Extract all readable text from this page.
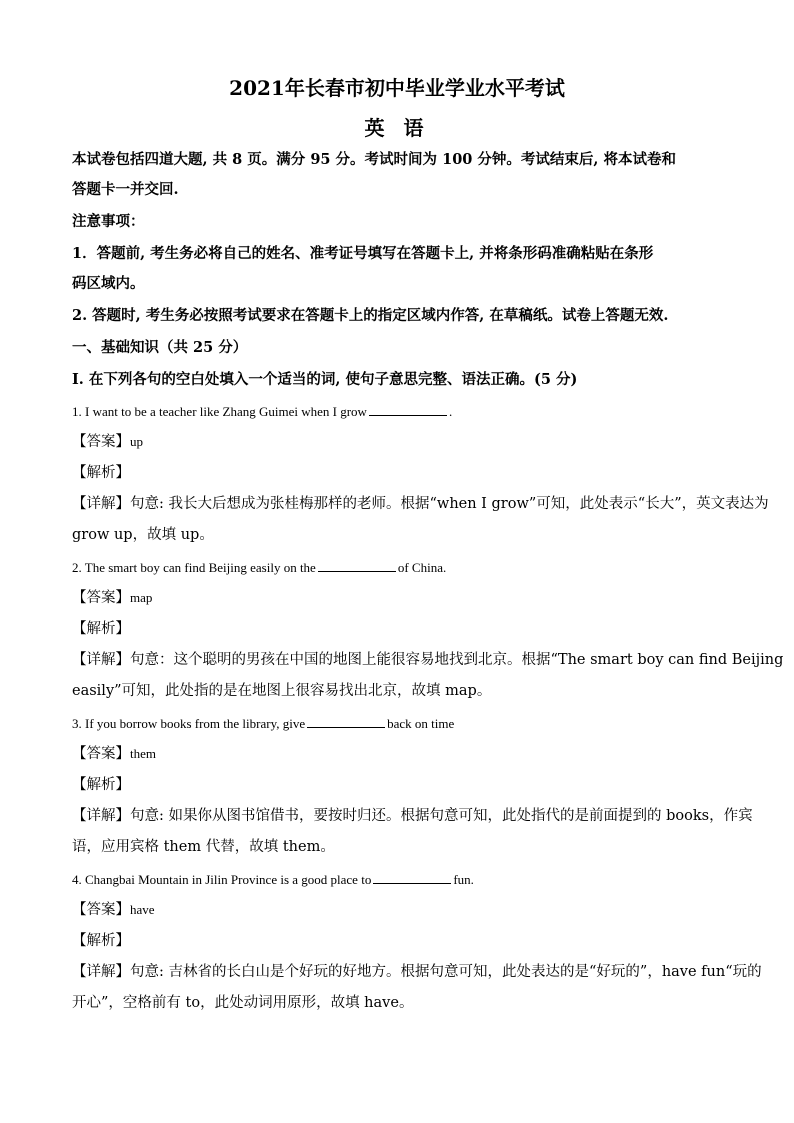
2021年长春市初中毕业学业水平考试
英 语
本试卷包括四道大题, 共 8 页。满分 95 分。考试时间为 100 分钟。考试结束后, 将本试卷和
答题卡一并交回.
注意事项：
1．答题前, 考生务必将自己的姓名、准考证号填写在答题卡上, 并将条形码准确粘贴在条形
码区域内。
2. 答题时, 考生务必按照考试要求在答题卡上的指定区域内作答, 在草稿纸。试卷上答题无效.
一、基础知识（共 25 分）
I. 在下列各句的空白处填入一个适当的词, 使句子意思完整、语法正确。(5 分)
1. I want to be a teacher like Zhang Guimei when I grow	.
【答案】up
【解析】
【详解】句意: 我长大后想成为张桂梅那样的老师。根据“when I grow”可知，此处表示“长大”，英文表达为
grow up，故填 up。
2. The smart boy can find Beijing easily on the	of China.
【答案】map
【解析】
【详解】句意：这个聪明的男孩在中国的地图上能很容易地找到北京。根据“The smart boy can find Beijing
easily”可知，此处指的是在地图上很容易找出北京，故填 map。
3. If you borrow books from the library, give	back on time
【答案】them
【解析】
【详解】句意: 如果你从图书馆借书，要按时归还。根据句意可知，此处指代的是前面提到的 books，作宾
语，应用宾格 them 代替，故填 them。
4. Changbai Mountain in Jilin Province is a good place to	fun.
【答案】have
【解析】
【详解】句意: 吉林省的长白山是个好玩的好地方。根据句意可知，此处表达的是“好玩的”，have fun“玩的
开心”，空格前有 to，此处动词用原形，故填 have。
